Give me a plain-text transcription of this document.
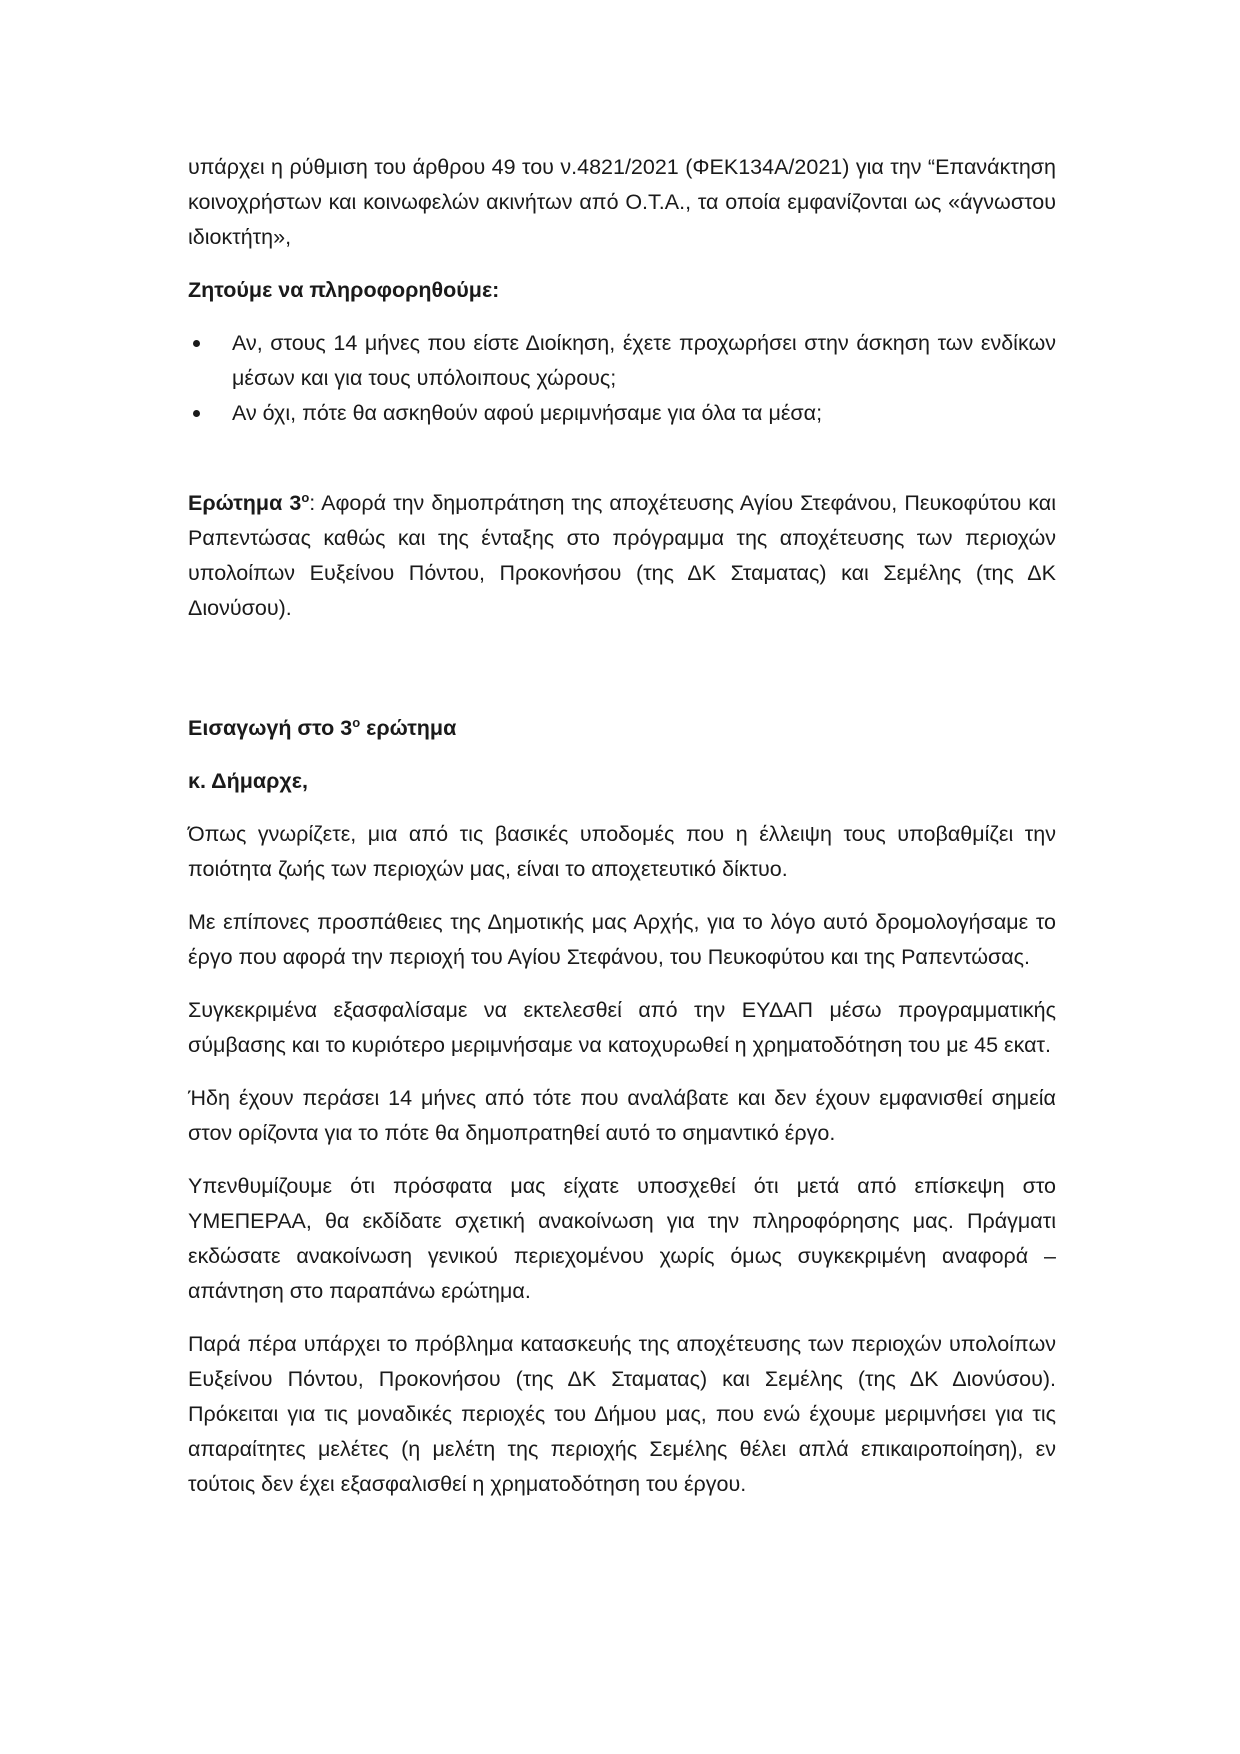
υπάρχει η ρύθμιση του άρθρου 49 του ν.4821/2021 (ΦΕΚ134Α/2021) για την “Επανάκτηση κοινοχρήστων και κοινωφελών ακινήτων από Ο.Τ.Α., τα οποία εμφανίζονται ως «άγνωστου ιδιοκτήτη»,

Ζητούμε να πληροφορηθούμε:

Αν, στους 14 μήνες που είστε Διοίκηση, έχετε προχωρήσει στην άσκηση των ενδίκων μέσων και για τους υπόλοιπους χώρους;
Αν όχι, πότε θα ασκηθούν αφού μεριμνήσαμε για όλα τα μέσα;

Ερώτημα $3^o$: Αφορά την δημοπράτηση της αποχέτευσης Αγίου Στεφάνου, Πευκοφύτου και Ραπεντώσας καθώς και της ένταξης στο πρόγραμμα της αποχέτευσης των περιοχών υπολοίπων Ευξείνου Πόντου, Προκονήσου (της ΔΚ Σταματας) και Σεμέλης (της ΔΚ Διονύσου).

Εισαγωγή στο $3^o$ ερώτημα

κ. Δήμαρχε,

Όπως γνωρίζετε, μια από τις βασικές υποδομές που η έλλειψη τους υποβαθμίζει την ποιότητα ζωής των περιοχών μας, είναι το αποχετευτικό δίκτυο.

Με επίπονες προσπάθειες της Δημοτικής μας Αρχής, για το λόγο αυτό δρομολογήσαμε το έργο που αφορά την περιοχή του Αγίου Στεφάνου, του Πευκοφύτου και της Ραπεντώσας.

Συγκεκριμένα εξασφαλίσαμε να εκτελεσθεί από την ΕΥΔΑΠ μέσω προγραμματικής σύμβασης και το κυριότερο μεριμνήσαμε να κατοχυρωθεί η χρηματοδότηση του με 45 εκατ.

Ήδη έχουν περάσει 14 μήνες από τότε που αναλάβατε και δεν έχουν εμφανισθεί σημεία στον ορίζοντα για το πότε θα δημοπρατηθεί αυτό το σημαντικό έργο.

Υπενθυμίζουμε ότι πρόσφατα μας είχατε υποσχεθεί ότι μετά από επίσκεψη στο ΥΜΕΠΕΡΑΑ, θα εκδίδατε σχετική ανακοίνωση για την πληροφόρησης μας. Πράγματι εκδώσατε ανακοίνωση γενικού περιεχομένου χωρίς όμως συγκεκριμένη αναφορά – απάντηση στο παραπάνω ερώτημα.

Παρά πέρα υπάρχει το πρόβλημα κατασκευής της αποχέτευσης των περιοχών υπολοίπων Ευξείνου Πόντου, Προκονήσου (της ΔΚ Σταματας) και Σεμέλης (της ΔΚ Διονύσου). Πρόκειται για τις μοναδικές περιοχές του Δήμου μας, που ενώ έχουμε μεριμνήσει για τις απαραίτητες μελέτες (η μελέτη της περιοχής Σεμέλης θέλει απλά επικαιροποίηση), εν τούτοις δεν έχει εξασφαλισθεί η χρηματοδότηση του έργου.
